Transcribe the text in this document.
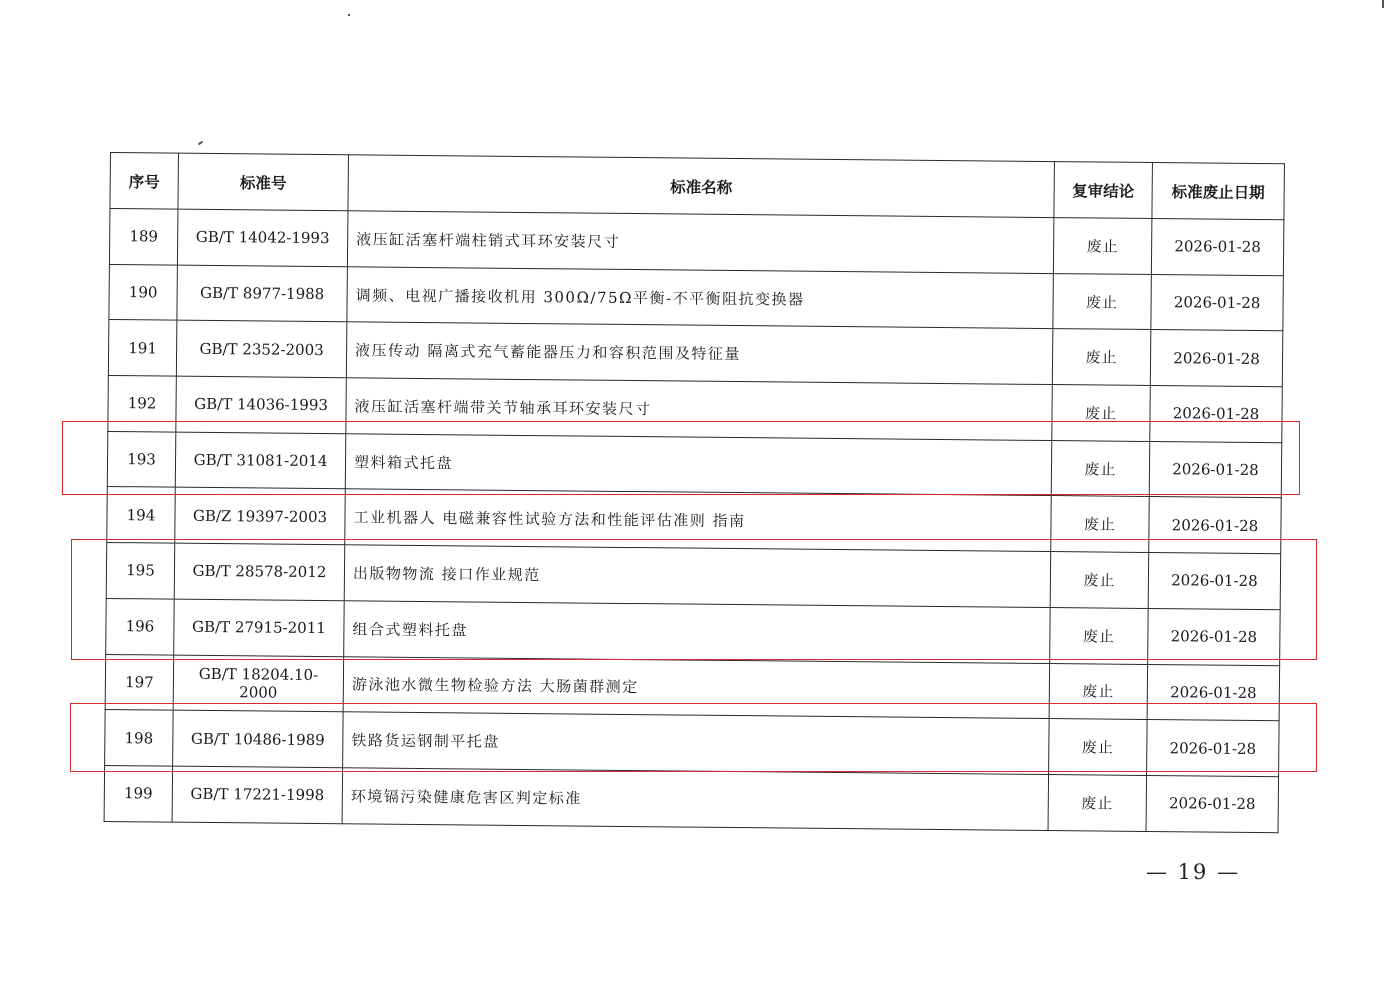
序号	标准号	标准名称	复审结论	标准废止日期
189	GB/T 14042-1993	液压缸活塞杆端柱销式耳环安装尺寸	废止	2026-01-28
190	GB/T 8977-1988	调频、电视广播接收机用 300Ω/75Ω平衡-不平衡阻抗变换器	废止	2026-01-28
191	GB/T 2352-2003	液压传动 隔离式充气蓄能器压力和容积范围及特征量	废止	2026-01-28
192	GB/T 14036-1993	液压缸活塞杆端带关节轴承耳环安装尺寸	废止	2026-01-28
193	GB/T 31081-2014	塑料箱式托盘	废止	2026-01-28
194	GB/Z 19397-2003	工业机器人 电磁兼容性试验方法和性能评估准则 指南	废止	2026-01-28
195	GB/T 28578-2012	出版物物流 接口作业规范	废止	2026-01-28
196	GB/T 27915-2011	组合式塑料托盘	废止	2026-01-28
197	GB/T 18204.10-2000	游泳池水微生物检验方法 大肠菌群测定	废止	2026-01-28
198	GB/T 10486-1989	铁路货运钢制平托盘	废止	2026-01-28
199	GB/T 17221-1998	环境镉污染健康危害区判定标准	废止	2026-01-28
— 19 —
